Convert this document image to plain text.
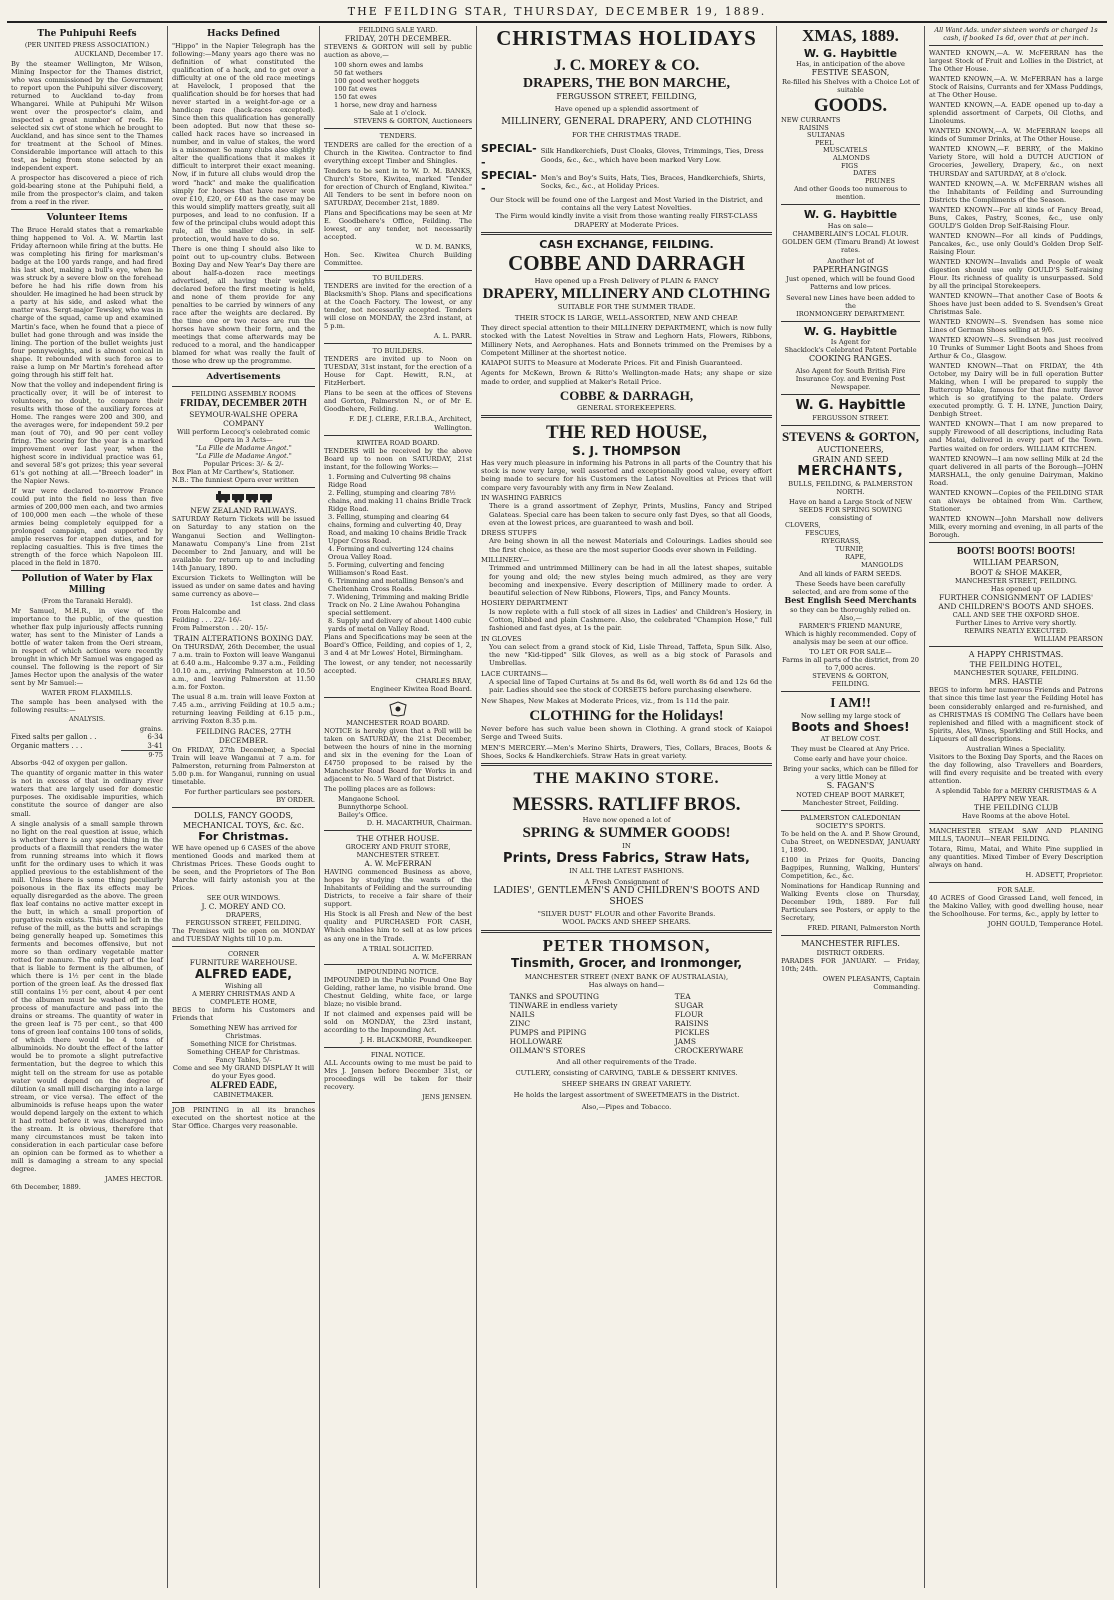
THE FEILDING STAR, THURSDAY, DECEMBER 19, 1889.
The Puhipuhi Reefs
(PER UNITED PRESS ASSOCIATION.)
AUCKLAND, December 17.

By the steamer Wellington, Mr Wilson, Mining Inspector for the Thames district, who was commissioned by the Government to report upon the Puhipuhi silver discovery, returned to Auckland to-day from Whangarei. While at Puhipuhi Mr Wilson went over the prospector's claim, and inspected a great number of reefs. He selected six cwt of stone which he brought to Auckland, and has since sent to the Thames for treatment at the School of Mines. Considerable importance will attach to this test, as being from stone selected by an independent expert.

A prospector has discovered a piece of rich gold-bearing stone at the Puhipuhi field, a mile from the prospector's claim, and taken from a reef in the river.

Volunteer Items

The Bruce Herald states that a remarkable thing happened to Vol. A. W. Martin last Friday afternoon while firing at the butts. He was completing his firing for marksman's badge at the 100 yards range, and had fired his last shot, making a bull's eye, when he was struck by a severe blow on the forehead before he had his rifle down from his shoulder. He imagined he had been struck by a party at his side, and asked what the matter was. Sergt-major Tewsley, who was in charge of the squad, came up and examined Martin's face, when he found that a piece of bullet had gone through and was inside the lining. The portion of the bullet weights just four pennyweights, and is almost conical in shape. It rebounded with such force as to raise a lump on Mr Martin's forehead after going through his stiff felt hat.

Now that the volley and independent firing is practically over, it will be of interest to volunteers, no doubt, to compare their results with those of the auxiliary forces at Home. The ranges were 200 and 300, and the averages were, for independent 59.2 per man (out of 70), and 90 per cent volley firing. The scoring for the year is a marked improvement over last year, when the highest score in individual practice was 61, and several 58's got prizes; this year several 61's got nothing at all.—"Breech loader" in the Napier News.

If war were declared to-morrow France could put into the field no less than five armies of 200,000 men each, and two armies of 100,000 men each —the whole of these armies being completely equipped for a prolonged campaign, and supported by ample reserves for etappen duties, and for replacing casualties. This is five times the strength of the force which Napoleon III. placed in the field in 1870.

Pollution of Water by Flax Milling
(From the Taranaki Herald).

Mr Samuel, M.H.R., in view of the importance to the public, of the question whether flax pulp injuriously affects running water, has sent to the Minister of Lands a bottle of water taken from the Oeri stream, in respect of which actions were recently brought in which Mr Samuel was engaged as counsel. The following is the report of Sir James Hector upon the analysis of the water sent by Mr Samuel:—

WATER FROM FLAXMILLS.

The sample has been analysed with the following results:—

ANALYSIS.
grains.
Fixed salts per gallon . .	6·34
Organic matters . . .	3·41
9·75

Absorbs ·042 of oxygen per gallon.

The quantity of organic matter in this water is not in excess of that in ordinary river waters that are largely used for domestic purposes. The oxidisable impurities, which constitute the source of danger are also small.

A single analysis of a small sample thrown no light on the real question at issue, which is whether there is any special thing in the products of a flaxmill that renders the water from running streams into which it flows unfit for the ordinary uses to which it was applied previous to the establishment of the mill. Unless there is some thing peculiarly poisonous in the flax its effects may be equally disregarded as the above. The green flax leaf contains no active matter except in the butt, in which a small proportion of purgative resin exists. This will be left in the refuse of the mill, as the butts and scrapings being generally heaped up. Sometimes this ferments and becomes offensive, but not more so than ordinary vegetable matter rotted for manure. The only part of the leaf that is liable to ferment is the albumen, of which there is 1½ per cent in the blade portion of the green leaf. As the dressed flax still contains 1½ per cent, about 4 per cent of the albumen must be washed off in the process of manufacture and pass into the drains or streams. The quantity of water in the green leaf is 75 per cent., so that 400 tons of green leaf contains 100 tons of solids, of which there would be 4 tons of albuminoids. No doubt the effect of the latter would be to promote a slight putrefactive fermentation, but the degree to which this might tell on the stream for use as potable water would depend on the degree of dilution (a small mill discharging into a large stream, or vice versa). The effect of the albuminoids is refuse heaps upon the water would depend largely on the extent to which it had rotted before it was discharged into the stream. It is obvious, therefore that many circumstances must be taken into consideration in each particular case before an opinion can be formed as to whether a mill is damaging a stream to any special degree.

JAMES HECTOR.
6th December, 1889.
Hacks Defined

"Hippo" in the Napier Telegraph has the following:—Many years ago there was no definition of what constituted the qualification of a hack, and to get over a difficulty at one of the old race meetings at Havelock, I proposed that the qualification should be for horses that had never started in a weight-for-age or a handicap race (hack-races excepted). Since then this qualification has generally been adopted. But now that these so-called hack races have so increased in number, and in value of stakes, the word is a misnomer. So many clubs also slightly alter the qualifications that it makes it difficult to interpret their exact meaning. Now, if in future all clubs would drop the word "hack" and make the qualification simply for horses that have never won over £10, £20, or £40 as the case may be this would simplify matters greatly, suit all purposes, and lead to no confusion. If a few of the principal clubs would adopt this rule, all the smaller clubs, in self-protection, would have to do so.

There is one thing I should also like to point out to up-country clubs. Between Boxing Day and New Year's Day there are about half-a-dozen race meetings advertised, all having their weights declared before the first meeting is held, and none of them provide for any penalties to be carried by winners of any race after the weights are declared. By the time one or two races are run the horses have shown their form, and the meetings that come afterwards may be reduced to a moral, and the handicapper blamed for what was really the fault of those who drew up the programme.

Advertisements
FEILDING ASSEMBLY ROOMS
FRIDAY, DECEMBER 20TH
SEYMOUR-WALSHE OPERA COMPANY
Will perform Lecocq's celebrated comic Opera in 3 Acts—
"La Fille de Madame Angot."
"La Fille de Madame Angot."
Popular Prices: 3/- & 2/-
Box Plan at Mr Carthew's, Stationer.
N.B.: The funniest Opera ever written
NEW ZEALAND RAILWAYS.

SATURDAY Return Tickets will be issued on Saturday to any station on the Wanganui Section and Wellington-Manawatu Company's Line from 21st December to 2nd January, and will be available for return up to and including 14th January, 1890.

Excursion Tickets to Wellington will be issued as under on same dates and having same currency as above—

1st class. 2nd class
From Halcombe and
Feilding . . . 22/- 16/-
From Palmerston . . 20/- 15/-
TRAIN ALTERATIONS BOXING DAY.

On THURSDAY, 26th December, the usual 7 a.m. train to Foxton will leave Wanganui at 6.40 a.m., Halcombe 9.37 a.m., Feilding 10.10 a.m., arriving Palmerston at 10.50 a.m., and leaving Palmerston at 11.50 a.m. for Foxton.

The usual 8 a.m. train will leave Foxton at 7.45 a.m., arriving Feilding at 10.5 a.m.; returning leaving Feilding at 6.15 p.m., arriving Foxton 8.35 p.m.

FEILDING RACES, 27TH DECEMBER.

On FRIDAY, 27th December, a Special Train will leave Wanganui at 7 a.m. for Palmerston, returning from Palmerston at 5.00 p.m. for Wanganui, running on usual timetable.

For further particulars see posters.
BY ORDER.
DOLLS, FANCY GOODS,
MECHANICAL TOYS, &c. &c.
For Christmas.

WE have opened up 6 CASES of the above mentioned Goods and marked them at Christmas Prices. These Goods ought to be seen, and the Proprietors of The Bon Marche will fairly astonish you at the Prices.

SEE OUR WINDOWS.
J. C. MOREY AND CO.
DRAPERS,
FERGUSSON STREET, FEILDING.

The Premises will be open on MONDAY and TUESDAY Nights till 10 p.m.

CORNER
FURNITURE WAREHOUSE.
ALFRED EADE,
Wishing all
A MERRY CHRISTMAS AND A COMPLETE HOME,

BEGS to inform his Customers and Friends that

Something NEW has arrived for Christmas.
Something NICE for Christmas.
Something CHEAP for Christmas.
Fancy Tables, 5/-
Come and see My GRAND DISPLAY It will do your Eyes good.
ALFRED EADE,
CABINETMAKER.

JOB PRINTING in all its branches executed on the shortest notice at the Star Office. Charges very reasonable.

FEILDING SALE YARD.
FRIDAY, 20TH DECEMBER.

STEVENS & GORTON will sell by public auction as above,—

100 shorn ewes and lambs
50 fat wethers
100 good wether hoggets
100 fat ewes
150 fat ewes
1 horse, new dray and harness
Sale at 1 o'clock.
STEVENS & GORTON, Auctioneers
TENDERS.

TENDERS are called for the erection of a Church in the Kiwitea. Contractor to find everything except Timber and Shingles.

Tenders to be sent in to W. D. M. BANKS, Church's Store, Kiwitea, marked "Tender for erection of Church of England, Kiwitea." All Tenders to be sent in before noon on SATURDAY, December 21st, 1889.

Plans and Specifications may be seen at Mr E. Goodbehere's Office, Feilding. The lowest, or any tender, not necessarily accepted.

W. D. M. BANKS,

Hon. Sec. Kiwitea Church Building Committee.

TO BUILDERS.

TENDERS are invited for the erection of a Blacksmith's Shop. Plans and specifications at the Coach Factory. The lowest, or any tender, not necessarily accepted. Tenders will close on MONDAY, the 23rd instant, at 5 p.m.

A. L. PARR.
TO BUILDERS.

TENDERS are invited up to Noon on TUESDAY, 31st instant, for the erection of a House for Capt. Hewitt, R.N., at FitzHerbert.

Plans to be seen at the offices of Stevens and Gorton, Palmerston N., or of Mr E. Goodbehere, Feilding.

F. DE J. CLERE, F.R.I.B.A., Architect, Wellington.
KIWITEA ROAD BOARD.

TENDERS will be received by the above Board up to noon on SATURDAY, 21st instant, for the following Works:—

1. Forming and Culverting 98 chains Ridge Road
2. Felling, stumping and clearing 78½ chains, and making 11 chains Bridle Track Ridge Road.
3. Felling, stumping and clearing 64 chains, forming and culverting 40, Dray Road, and making 10 chains Bridle Track Upper Cross Road.
4. Forming and culverting 124 chains Oroua Valley Road.
5. Forming, culverting and fencing Williamson's Road East.
6. Trimming and metalling Benson's and Cheltenham Cross Roads.
7. Widening, Trimming and making Bridle Track on No. 2 Line Awahou Pohangina special settlement.
8. Supply and delivery of about 1400 cubic yards of metal on Valley Road.

Plans and Specifications may be seen at the Board's Office, Feilding, and copies of 1, 2, 3 and 4 at Mr Lowes' Hotel, Birmingham.

The lowest, or any tender, not necessarily accepted.

CHARLES BRAY,
Engineer Kiwitea Road Board.
MANCHESTER ROAD BOARD.

NOTICE is hereby given that a Poll will be taken on SATURDAY, the 21st December, between the hours of nine in the morning and six in the evening for the Loan of £4750 proposed to be raised by the Manchester Road Board for Works in and adjacent to No. 5 Ward of that District.

The polling places are as follows:

Mangaone School.
Bunnythorpe School.
Bailey's Office.
D. H. MACARTHUR, Chairman.
THE OTHER HOUSE.
GROCERY AND FRUIT STORE, MANCHESTER STREET.
A. W. McFERRAN

HAVING commenced Business as above, hopes by studying the wants of the Inhabitants of Feilding and the surrounding Districts, to receive a fair share of their support.

His Stock is all Fresh and New of the best quality and PURCHASED FOR CASH, Which enables him to sell at as low prices as any one in the Trade.

A TRIAL SOLICITED.
A. W. McFERRAN
IMPOUNDING NOTICE.

IMPOUNDED in the Public Pound One Bay Gelding, rather lame, no visible brand. One Chestnut Gelding, white face, or large blaze; no visible brand.

If not claimed and expenses paid will be sold on MONDAY, the 23rd instant, according to the Impounding Act.

J. H. BLACKMORE, Poundkeeper.
FINAL NOTICE.

ALL Accounts owing to me must be paid to Mrs J. Jensen before December 31st, or proceedings will be taken for their recovery.

JENS JENSEN.
CHRISTMAS HOLIDAYS
J. C. MOREY & CO.
DRAPERS, THE BON MARCHE,
FERGUSSON STREET, FEILDING,
Have opened up a splendid assortment of
MILLINERY, GENERAL DRAPERY, AND CLOTHING
FOR THE CHRISTMAS TRADE.
SPECIAL--
Silk Handkerchiefs, Dust Cloaks, Gloves, Trimmings, Ties, Dress Goods, &c., &c., which have been marked Very Low.
SPECIAL--
Men's and Boy's Suits, Hats, Ties, Braces, Handkerchiefs, Shirts, Socks, &c., &c., at Holiday Prices.
Our Stock will be found one of the Largest and Most Varied in the District, and contains all the very Latest Novelties.
The Firm would kindly invite a visit from those wanting really FIRST-CLASS DRAPERY at Moderate Prices.
CASH EXCHANGE, FEILDING.
COBBE AND DARRAGH
Have opened up a Fresh Delivery of PLAIN & FANCY
DRAPERY, MILLINERY AND CLOTHING
SUITABLE FOR THE SUMMER TRADE.
THEIR STOCK IS LARGE, WELL-ASSORTED, NEW AND CHEAP.

They direct special attention to their MILLINERY DEPARTMENT, which is now fully stocked with the Latest Novelties in Straw and Leghorn Hats, Flowers, Ribbons, Millinery Nets, and Aerophanes. Hats and Bonnets trimmed on the Premises by a Competent Milliner at the shortest notice.

KAIAPOI SUITS to Measure at Moderate Prices. Fit and Finish Guaranteed.

Agents for McKewn, Brown & Ritto's Wellington-made Hats; any shape or size made to order, and supplied at Maker's Retail Price.

COBBE & DARRAGH,
GENERAL STOREKEEPERS.
THE RED HOUSE,
S. J. THOMPSON

Has very much pleasure in informing his Patrons in all parts of the Country that his stock is now very large, well assorted and exceptionally good value, every effort being made to secure for his Customers the Latest Novelties at Prices that will compare very favourably with any firm in New Zealand.

IN WASHING FABRICS

There is a grand assortment of Zephyr, Prints, Muslins, Fancy and Striped Galateas. Special care has been taken to secure only fast Dyes, so that all Goods, even at the lowest prices, are guaranteed to wash and boil.

DRESS STUFFS

Are being shown in all the newest Materials and Colourings. Ladies should see the first choice, as these are the most superior Goods ever shown in Feilding.

MILLINERY—

Trimmed and untrimmed Millinery can be had in all the latest shapes, suitable for young and old; the new styles being much admired, as they are very becoming and inexpensive. Every description of Millinery made to order. A beautiful selection of New Ribbons, Flowers, Tips, and Fancy Mounts.

HOSIERY DEPARTMENT

Is now replete with a full stock of all sizes in Ladies' and Children's Hosiery, in Cotton, Ribbed and plain Cashmere. Also, the celebrated "Champion Hose," full fashioned and fast dyes, at 1s the pair.

IN GLOVES

You can select from a grand stock of Kid, Lisle Thread, Taffeta, Spun Silk. Also, the new "Kid-tipped" Silk Gloves, as well as a big stock of Parasols and Umbrellas.

LACE CURTAINS—

A special line of Taped Curtains at 5s and 8s 6d, well worth 8s 6d and 12s 6d the pair. Ladies should see the stock of CORSETS before purchasing elsewhere.

New Shapes, New Makes at Moderate Prices, viz., from 1s 11d the pair.

CLOTHING for the Holidays!

Never before has such value been shown in Clothing. A grand stock of Kaiapoi Serge and Tweed Suits.

MEN'S MERCERY.—Men's Merino Shirts, Drawers, Ties, Collars, Braces, Boots & Shoes, Socks & Handkerchiefs. Straw Hats in great variety.

THE MAKINO STORE.
MESSRS. RATLIFF BROS.
Have now opened a lot of
SPRING & SUMMER GOODS!
IN
Prints, Dress Fabrics, Straw Hats,
IN ALL THE LATEST FASHIONS.
A Fresh Consignment of
LADIES', GENTLEMEN'S AND CHILDREN'S BOOTS AND SHOES
"SILVER DUST" FLOUR and other Favorite Brands.
WOOL PACKS AND SHEEP SHEARS.
PETER THOMSON,
Tinsmith, Grocer, and Ironmonger,
MANCHESTER STREET (NEXT BANK OF AUSTRALASIA),
Has always on hand—
TANKS and SPOUTING
TINWARE in endless variety
NAILS
ZINC
PUMPS and PIPING
HOLLOWARE
OILMAN'S STORES
TEA
SUGAR
FLOUR
RAISINS
PICKLES
JAMS
CROCKERYWARE
And all other requirements of the Trade.
CUTLERY, consisting of CARVING, TABLE & DESSERT KNIVES.
SHEEP SHEARS IN GREAT VARIETY.
He holds the largest assortment of SWEETMEATS in the District.
Also,—Pipes and Tobacco.
XMAS, 1889.
W. G. Haybittle
Has, in anticipation of the above
FESTIVE SEASON,
Re-filled his Shelves with a Choice Lot of suitable
GOODS.
NEW CURRANTS
RAISINS
SULTANAS
PEEL
MUSCATELS
ALMONDS
FIGS
DATES
PRUNES
And other Goods too numerous to mention.
W. G. Haybittle
Has on sale—
CHAMBERLAIN'S LOCAL FLOUR. GOLDEN GEM (Timaru Brand) At lowest rates.
Another lot of
PAPERHANGINGS
Just opened, which will be found Good Patterns and low prices.
Several new Lines have been added to the
IRONMONGERY DEPARTMENT.
W. G. Haybittle
Is Agent for
Shacklock's Celebrated Patent Portable
COOKING RANGES.
Also Agent for South British Fire Insurance Coy. and Evening Post Newspaper.
W. G. Haybittle
FERGUSSON STREET.
STEVENS & GORTON,
AUCTIONEERS,
GRAIN AND SEED
MERCHANTS,
BULLS, FEILDING, & PALMERSTON NORTH.
Have on hand a Large Stock of NEW SEEDS FOR SPRING SOWING consisting of
CLOVERS,
FESCUES,
RYEGRASS,
TURNIP,
RAPE,
MANGOLDS
And all kinds of FARM SEEDS.
These Seeds have been carefully selected, and are from some of the
Best English Seed Merchants
so they can be thoroughly relied on.
Also,—
FARMER'S FRIEND MANURE,
Which is highly recommended. Copy of analysis may be seen at our office.
TO LET OR FOR SALE—
Farms in all parts of the district, from 20 to 7,000 acres.
STEVENS & GORTON,
FEILDING.
I AM!!
Now selling my large stock of
Boots and Shoes!
AT BELOW COST.
They must be Cleared at Any Price.
Come early and have your choice.
Bring your sacks, which can be filled for a very little Money at
S. FAGAN'S
NOTED CHEAP BOOT MARKET, Manchester Street, Feilding.
PALMERSTON CALEDONIAN SOCIETY'S SPORTS.

To be held on the A. and P. Show Ground, Cuba Street, on WEDNESDAY, JANUARY 1, 1890.

£100 in Prizes for Quoits, Dancing Bagpipes, Running, Walking, Hunters' Competition, &c., &c.

Nominations for Handicap Running and Walking Events close on Thursday, December 19th, 1889. For full Particulars see Posters, or apply to the Secretary,

FRED. PIRANI, Palmerston North
MANCHESTER RIFLES.
DISTRICT ORDERS.

PARADES FOR JANUARY. — Friday, 10th; 24th.

OWEN PLEASANTS, Captain Commanding.

All Want Ads. under sixteen words or charged 1s cash, if booked 1s 6d, over that at per inch.

WANTED KNOWN,—A. W. McFERRAN has the largest Stock of Fruit and Lollies in the District, at The Other House.

WANTED KNOWN,—A. W. McFERRAN has a large Stock of Raisins, Currants and fer XMass Puddings, at The Other House.

WANTED KNOWN,—A. EADE opened up to-day a splendid assortment of Carpets, Oil Cloths, and Linoleums.

WANTED KNOWN,—A. W. McFERRAN keeps all kinds of Summer Drinks, at The Other House.

WANTED KNOWN,—F. BERRY, of the Makino Variety Store, will hold a DUTCH AUCTION of Groceries, Jewellery, Drapery, &c., on next THURSDAY and SATURDAY, at 8 o'clock.

WANTED KNOWN,—A. W. McFERRAN wishes all the Inhabitants of Feilding and Surrounding Districts the Compliments of the Season.

WANTED KNOWN—For all kinds of Fancy Bread, Buns, Cakes, Pastry, Scones, &c., use only GOULD'S Golden Drop Self-Raising Flour.

WANTED KNOWN—For all kinds of Puddings, Pancakes, &c., use only Gould's Golden Drop Self-Raising Flour.

WANTED KNOWN—Invalids and People of weak digestion should use only GOULD'S Self-raising Flour. Its richness of quality is unsurpassed. Sold by all the principal Storekeepers.

WANTED KNOWN—That another Case of Boots & Shoes have just been added to S. Svendsen's Great Christmas Sale.

WANTED KNOWN—S. Svendsen has some nice Lines of German Shoes selling at 9/6.

WANTED KNOWN—S. Svendsen has just received 10 Trunks of Summer Light Boots and Shoes from Arthur & Co., Glasgow.

WANTED KNOWN—That on FRIDAY, the 4th October, my Dairy will be in full operation Butter Making, when I will be prepared to supply the Buttercup Make, famous for that fine nutty flavor which is so gratifying to the palate. Orders executed promptly. G. T. H. LYNE, Junction Dairy, Denbigh Street.

WANTED KNOWN—That I am now prepared to supply Firewood of all descriptions, including Rata and Matai, delivered in every part of the Town. Parties waited on for orders. WILLIAM KITCHEN.

WANTED KNOWN—I am now selling Milk at 2d the quart delivered in all parts of the Borough—JOHN MARSHALL, the only genuine Dairyman, Makino Road.

WANTED KNOWN—Copies of the FEILDING STAR can always be obtained from Wm. Carthew, Stationer.

WANTED KNOWN—John Marshall now delivers Milk, every morning and evening, in all parts of the Borough.

BOOTS! BOOTS! BOOTS!
WILLIAM PEARSON,
BOOT & SHOE MAKER,
MANCHESTER STREET, FEILDING.
Has opened up
FURTHER CONSIGNMENT OF LADIES' AND CHILDREN'S BOOTS AND SHOES.
CALL AND SEE THE OXFORD SHOE.
Further Lines to Arrive very shortly.
REPAIRS NEATLY EXECUTED.
WILLIAM PEARSON
A HAPPY CHRISTMAS.
THE FEILDING HOTEL,
MANCHESTER SQUARE, FEILDING.
MRS. HASTIE

BEGS to inform her numerous Friends and Patrons that since this time last year the Feilding Hotel has been considerably enlarged and re-furnished, and as CHRISTMAS IS COMING The Cellars have been replenished and filled with a magnificent stock of Spirits, Ales, Wines, Sparkling and Still Hocks, and Liqueurs of all descriptions.

Australian Wines a Speciality.

Visitors to the Boxing Day Sports, and the Races on the day following, also Travellers and Boarders, will find every requisite and be treated with every attention.

A splendid Table for a MERRY CHRISTMAS & A HAPPY NEW YEAR.
THE FEILDING CLUB
Have Rooms at the above Hotel.

MANCHESTER STEAM SAW AND PLANING MILLS, TAONUI—NEAR FEILDING.

Totara, Rimu, Matai, and White Pine supplied in any quantities. Mixed Timber of Every Description always on hand.

H. ADSETT, Proprietor.
FOR SALE.

40 ACRES of Good Grassed Land, well fenced, in the Makino Valley, with good dwelling house, near the Schoolhouse. For terms, &c., apply by letter to

JOHN GOULD, Temperance Hotel.
